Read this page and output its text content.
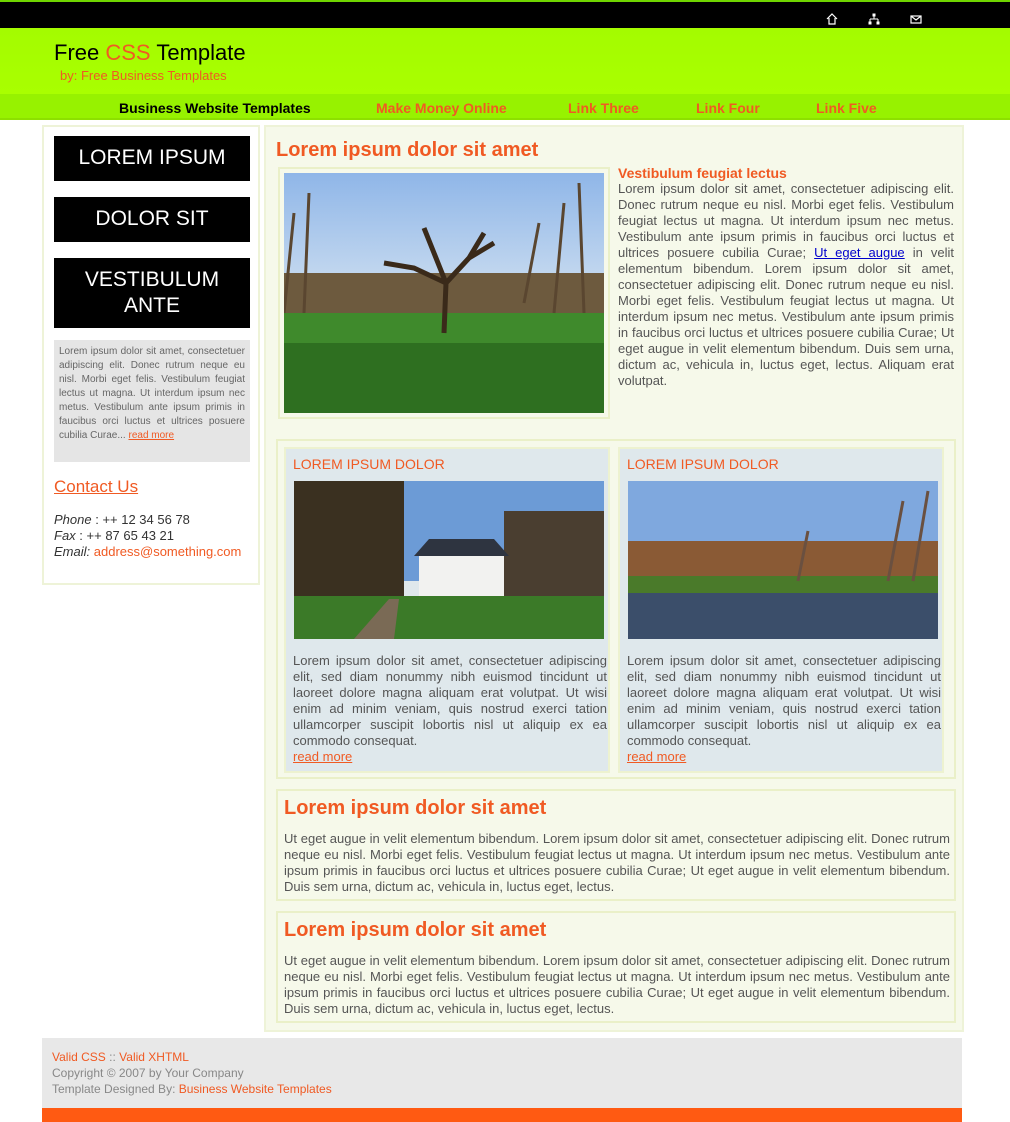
Free CSS Template
by: Free Business Templates
Business Website Templates	Make Money Online	Link Three	Link Four	Link Five
LOREM IPSUM
DOLOR SIT
VESTIBULUM ANTE
Lorem ipsum dolor sit amet, consectetuer adipiscing elit. Donec rutrum neque eu nisl. Morbi eget felis. Vestibulum feugiat lectus ut magna. Ut interdum ipsum nec metus. Vestibulum ante ipsum primis in faucibus orci luctus et ultrices posuere cubilia Curae... read more
Contact Us
Phone : ++ 12 34 56 78
Fax : ++ 87 65 43 21
Email: address@something.com
Lorem ipsum dolor sit amet
Vestibulum feugiat lectus
Lorem ipsum dolor sit amet, consectetuer adipiscing elit. Donec rutrum neque eu nisl. Morbi eget felis. Vestibulum feugiat lectus ut magna. Ut interdum ipsum nec metus. Vestibulum ante ipsum primis in faucibus orci luctus et ultrices posuere cubilia Curae; Ut eget augue in velit elementum bibendum. Lorem ipsum dolor sit amet, consectetuer adipiscing elit. Donec rutrum neque eu nisl. Morbi eget felis. Vestibulum feugiat lectus ut magna. Ut interdum ipsum nec metus. Vestibulum ante ipsum primis in faucibus orci luctus et ultrices posuere cubilia Curae; Ut eget augue in velit elementum bibendum. Duis sem urna, dictum ac, vehicula in, luctus eget, lectus. Aliquam erat volutpat.
LOREM IPSUM DOLOR
Lorem ipsum dolor sit amet, consectetuer adipiscing elit, sed diam nonummy nibh euismod tincidunt ut laoreet dolore magna aliquam erat volutpat. Ut wisi enim ad minim veniam, quis nostrud exerci tation ullamcorper suscipit lobortis nisl ut aliquip ex ea commodo consequat.
read more
LOREM IPSUM DOLOR
Lorem ipsum dolor sit amet, consectetuer adipiscing elit, sed diam nonummy nibh euismod tincidunt ut laoreet dolore magna aliquam erat volutpat. Ut wisi enim ad minim veniam, quis nostrud exerci tation ullamcorper suscipit lobortis nisl ut aliquip ex ea commodo consequat.
read more
Lorem ipsum dolor sit amet
Ut eget augue in velit elementum bibendum. Lorem ipsum dolor sit amet, consectetuer adipiscing elit. Donec rutrum neque eu nisl. Morbi eget felis. Vestibulum feugiat lectus ut magna. Ut interdum ipsum nec metus. Vestibulum ante ipsum primis in faucibus orci luctus et ultrices posuere cubilia Curae; Ut eget augue in velit elementum bibendum. Duis sem urna, dictum ac, vehicula in, luctus eget, lectus.
Lorem ipsum dolor sit amet
Ut eget augue in velit elementum bibendum. Lorem ipsum dolor sit amet, consectetuer adipiscing elit. Donec rutrum neque eu nisl. Morbi eget felis. Vestibulum feugiat lectus ut magna. Ut interdum ipsum nec metus. Vestibulum ante ipsum primis in faucibus orci luctus et ultrices posuere cubilia Curae; Ut eget augue in velit elementum bibendum. Duis sem urna, dictum ac, vehicula in, luctus eget, lectus.
Valid CSS :: Valid XHTML
Copyright © 2007 by Your Company
Template Designed By: Business Website Templates
